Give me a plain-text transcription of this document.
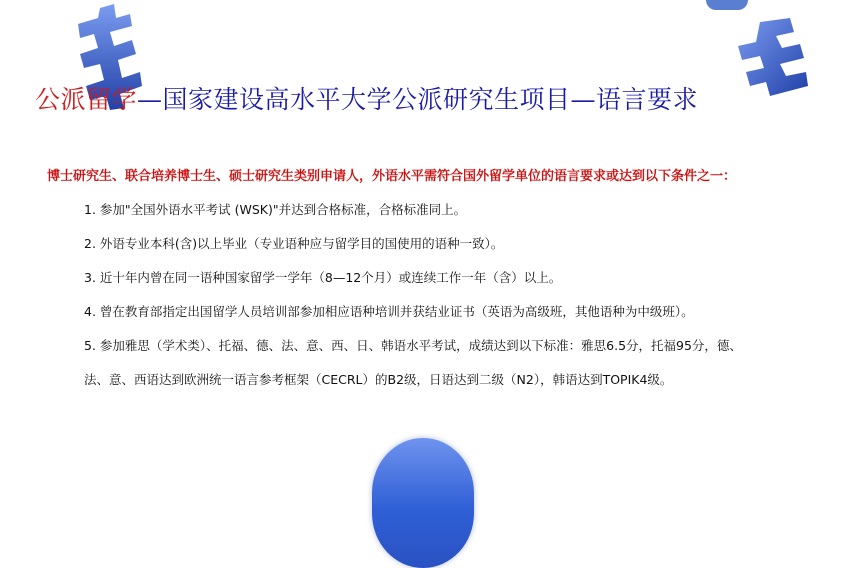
公派留学—国家建设高水平大学公派研究生项目—语言要求
博士研究生、联合培养博士生、硕士研究生类别申请人，外语水平需符合国外留学单位的语言要求或达到以下条件之一：
1. 参加"全国外语水平考试 (WSK)"并达到合格标准，合格标准同上。
2. 外语专业本科(含)以上毕业（专业语种应与留学目的国使用的语种一致）。
3. 近十年内曾在同一语种国家留学一学年（8—12个月）或连续工作一年（含）以上。
4. 曾在教育部指定出国留学人员培训部参加相应语种培训并获结业证书（英语为高级班，其他语种为中级班）。
5. 参加雅思（学术类）、托福、德、法、意、西、日、韩语水平考试，成绩达到以下标准：雅思6.5分，托福95分，德、
法、意、西语达到欧洲统一语言参考框架（CECRL）的B2级，日语达到二级（N2），韩语达到TOPIK4级。
